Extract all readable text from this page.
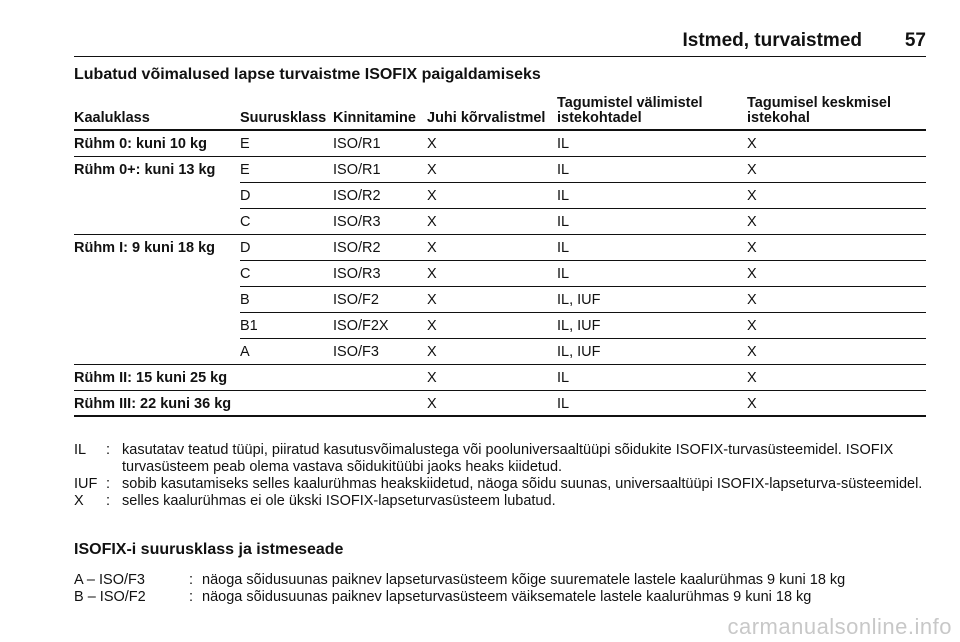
Istmed, turvaistmed 57
Lubatud võimalused lapse turvaistme ISOFIX paigaldamiseks
Kaaluklass	Suurusklass	Kinnitamine	Juhi kõrvalistmel	Tagumistel välimistel istekohtadel	Tagumisel keskmisel istekohal
Rühm 0: kuni 10 kg	E	ISO/R1	X	IL	X
Rühm 0+: kuni 13 kg	E	ISO/R1	X	IL	X
	D	ISO/R2	X	IL	X
	C	ISO/R3	X	IL	X
Rühm I: 9 kuni 18 kg	D	ISO/R2	X	IL	X
	C	ISO/R3	X	IL	X
	B	ISO/F2	X	IL, IUF	X
	B1	ISO/F2X	X	IL, IUF	X
	A	ISO/F3	X	IL, IUF	X
Rühm II: 15 kuni 25 kg			X	IL	X
Rühm III: 22 kuni 36 kg			X	IL	X
IL	: kasutatav teatud tüüpi, piiratud kasutusvõimalustega või pooluniversaaltüüpi sõidukite ISOFIX-turvasüsteemidel. ISOFIX turvasüsteem peab olema vastava sõidukitüübi jaoks heaks kiidetud.
IUF : sobib kasutamiseks selles kaalurühmas heakskiidetud, näoga sõidu suunas, universaaltüüpi ISOFIX-lapseturva-süsteemidel.
X	: selles kaalurühmas ei ole ükski ISOFIX-lapseturvasüsteem lubatud.
ISOFIX-i suurusklass ja istmeseade
A – ISO/F3	: näoga sõidusuunas paiknev lapseturvasüsteem kõige suurematele lastele kaalurühmas 9 kuni 18 kg
B – ISO/F2	: näoga sõidusuunas paiknev lapseturvasüsteem väiksematele lastele kaalurühmas 9 kuni 18 kg
carmanualsonline.info
